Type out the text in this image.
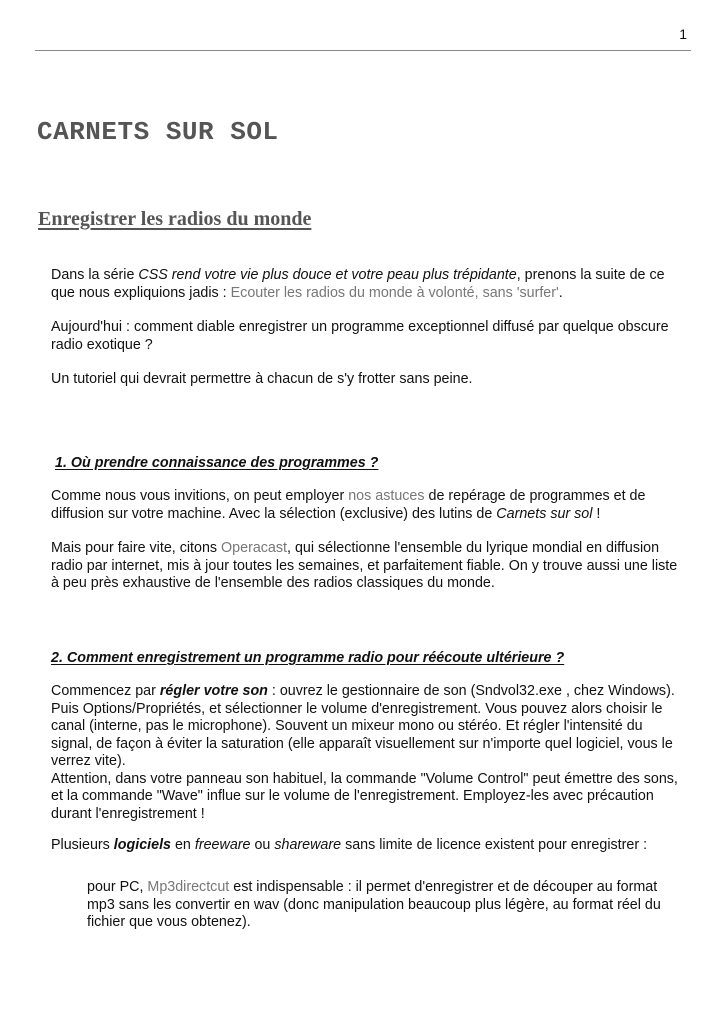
1
CARNETS SUR SOL
Enregistrer les radios du monde

Dans la série CSS rend votre vie plus douce et votre peau plus trépidante, prenons la suite de ce que nous expliquions jadis : Ecouter les radios du monde à volonté, sans 'surfer'.

Aujourd'hui : comment diable enregistrer un programme exceptionnel diffusé par quelque obscure radio exotique ?

Un tutoriel qui devrait permettre à chacun de s'y frotter sans peine.

1. Où prendre connaissance des programmes ?

Comme nous vous invitions, on peut employer nos astuces de repérage de programmes et de diffusion sur votre machine. Avec la sélection (exclusive) des lutins de Carnets sur sol !

Mais pour faire vite, citons Operacast, qui sélectionne l'ensemble du lyrique mondial en diffusion radio par internet, mis à jour toutes les semaines, et parfaitement fiable. On y trouve aussi une liste à peu près exhaustive de l'ensemble des radios classiques du monde.

2. Comment enregistrement un programme radio pour réécoute ultérieure ?

Commencez par régler votre son : ouvrez le gestionnaire de son (Sndvol32.exe , chez Windows). Puis Options/Propriétés, et sélectionner le volume d'enregistrement. Vous pouvez alors choisir le canal (interne, pas le microphone). Souvent un mixeur mono ou stéréo. Et régler l'intensité du signal, de façon à éviter la saturation (elle apparaît visuellement sur n'importe quel logiciel, vous le verrez vite).
Attention, dans votre panneau son habituel, la commande "Volume Control" peut émettre des sons, et la commande "Wave" influe sur le volume de l'enregistrement. Employez-les avec précaution durant l'enregistrement !

Plusieurs logiciels en freeware ou shareware sans limite de licence existent pour enregistrer :

pour PC, Mp3directcut est indispensable : il permet d'enregistrer et de découper au format mp3 sans les convertir en wav (donc manipulation beaucoup plus légère, au format réel du fichier que vous obtenez).
